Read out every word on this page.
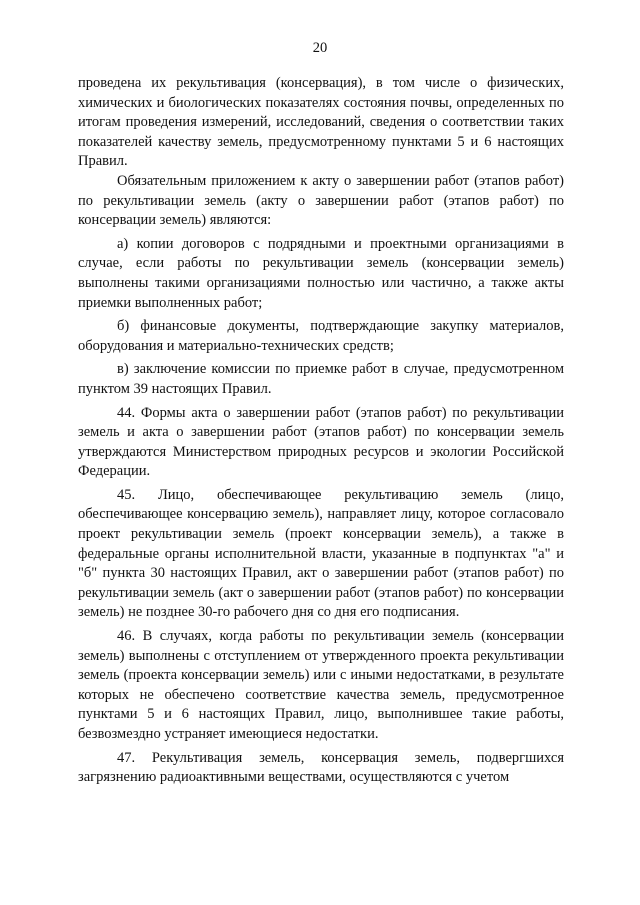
20

проведена их рекультивация (консервация), в том числе о физических, химических и биологических показателях состояния почвы, определенных по итогам проведения измерений, исследований, сведения о соответствии таких показателей качеству земель, предусмотренному пунктами 5 и 6 настоящих Правил.

Обязательным приложением к акту о завершении работ (этапов работ) по рекультивации земель (акту о завершении работ (этапов работ) по консервации земель) являются:

а) копии договоров с подрядными и проектными организациями в случае, если работы по рекультивации земель (консервации земель) выполнены такими организациями полностью или частично, а также акты приемки выполненных работ;

б) финансовые документы, подтверждающие закупку материалов, оборудования и материально-технических средств;

в) заключение комиссии по приемке работ в случае, предусмотренном пунктом 39 настоящих Правил.

44. Формы акта о завершении работ (этапов работ) по рекультивации земель и акта о завершении работ (этапов работ) по консервации земель утверждаются Министерством природных ресурсов и экологии Российской Федерации.

45. Лицо, обеспечивающее рекультивацию земель (лицо, обеспечивающее консервацию земель), направляет лицу, которое согласовало проект рекультивации земель (проект консервации земель), а также в федеральные органы исполнительной власти, указанные в подпунктах "а" и "б" пункта 30 настоящих Правил, акт о завершении работ (этапов работ) по рекультивации земель (акт о завершении работ (этапов работ) по консервации земель) не позднее 30-го рабочего дня со дня его подписания.

46. В случаях, когда работы по рекультивации земель (консервации земель) выполнены с отступлением от утвержденного проекта рекультивации земель (проекта консервации земель) или с иными недостатками, в результате которых не обеспечено соответствие качества земель, предусмотренное пунктами 5 и 6 настоящих Правил, лицо, выполнившее такие работы, безвозмездно устраняет имеющиеся недостатки.

47. Рекультивация земель, консервация земель, подвергшихся загрязнению радиоактивными веществами, осуществляются с учетом
